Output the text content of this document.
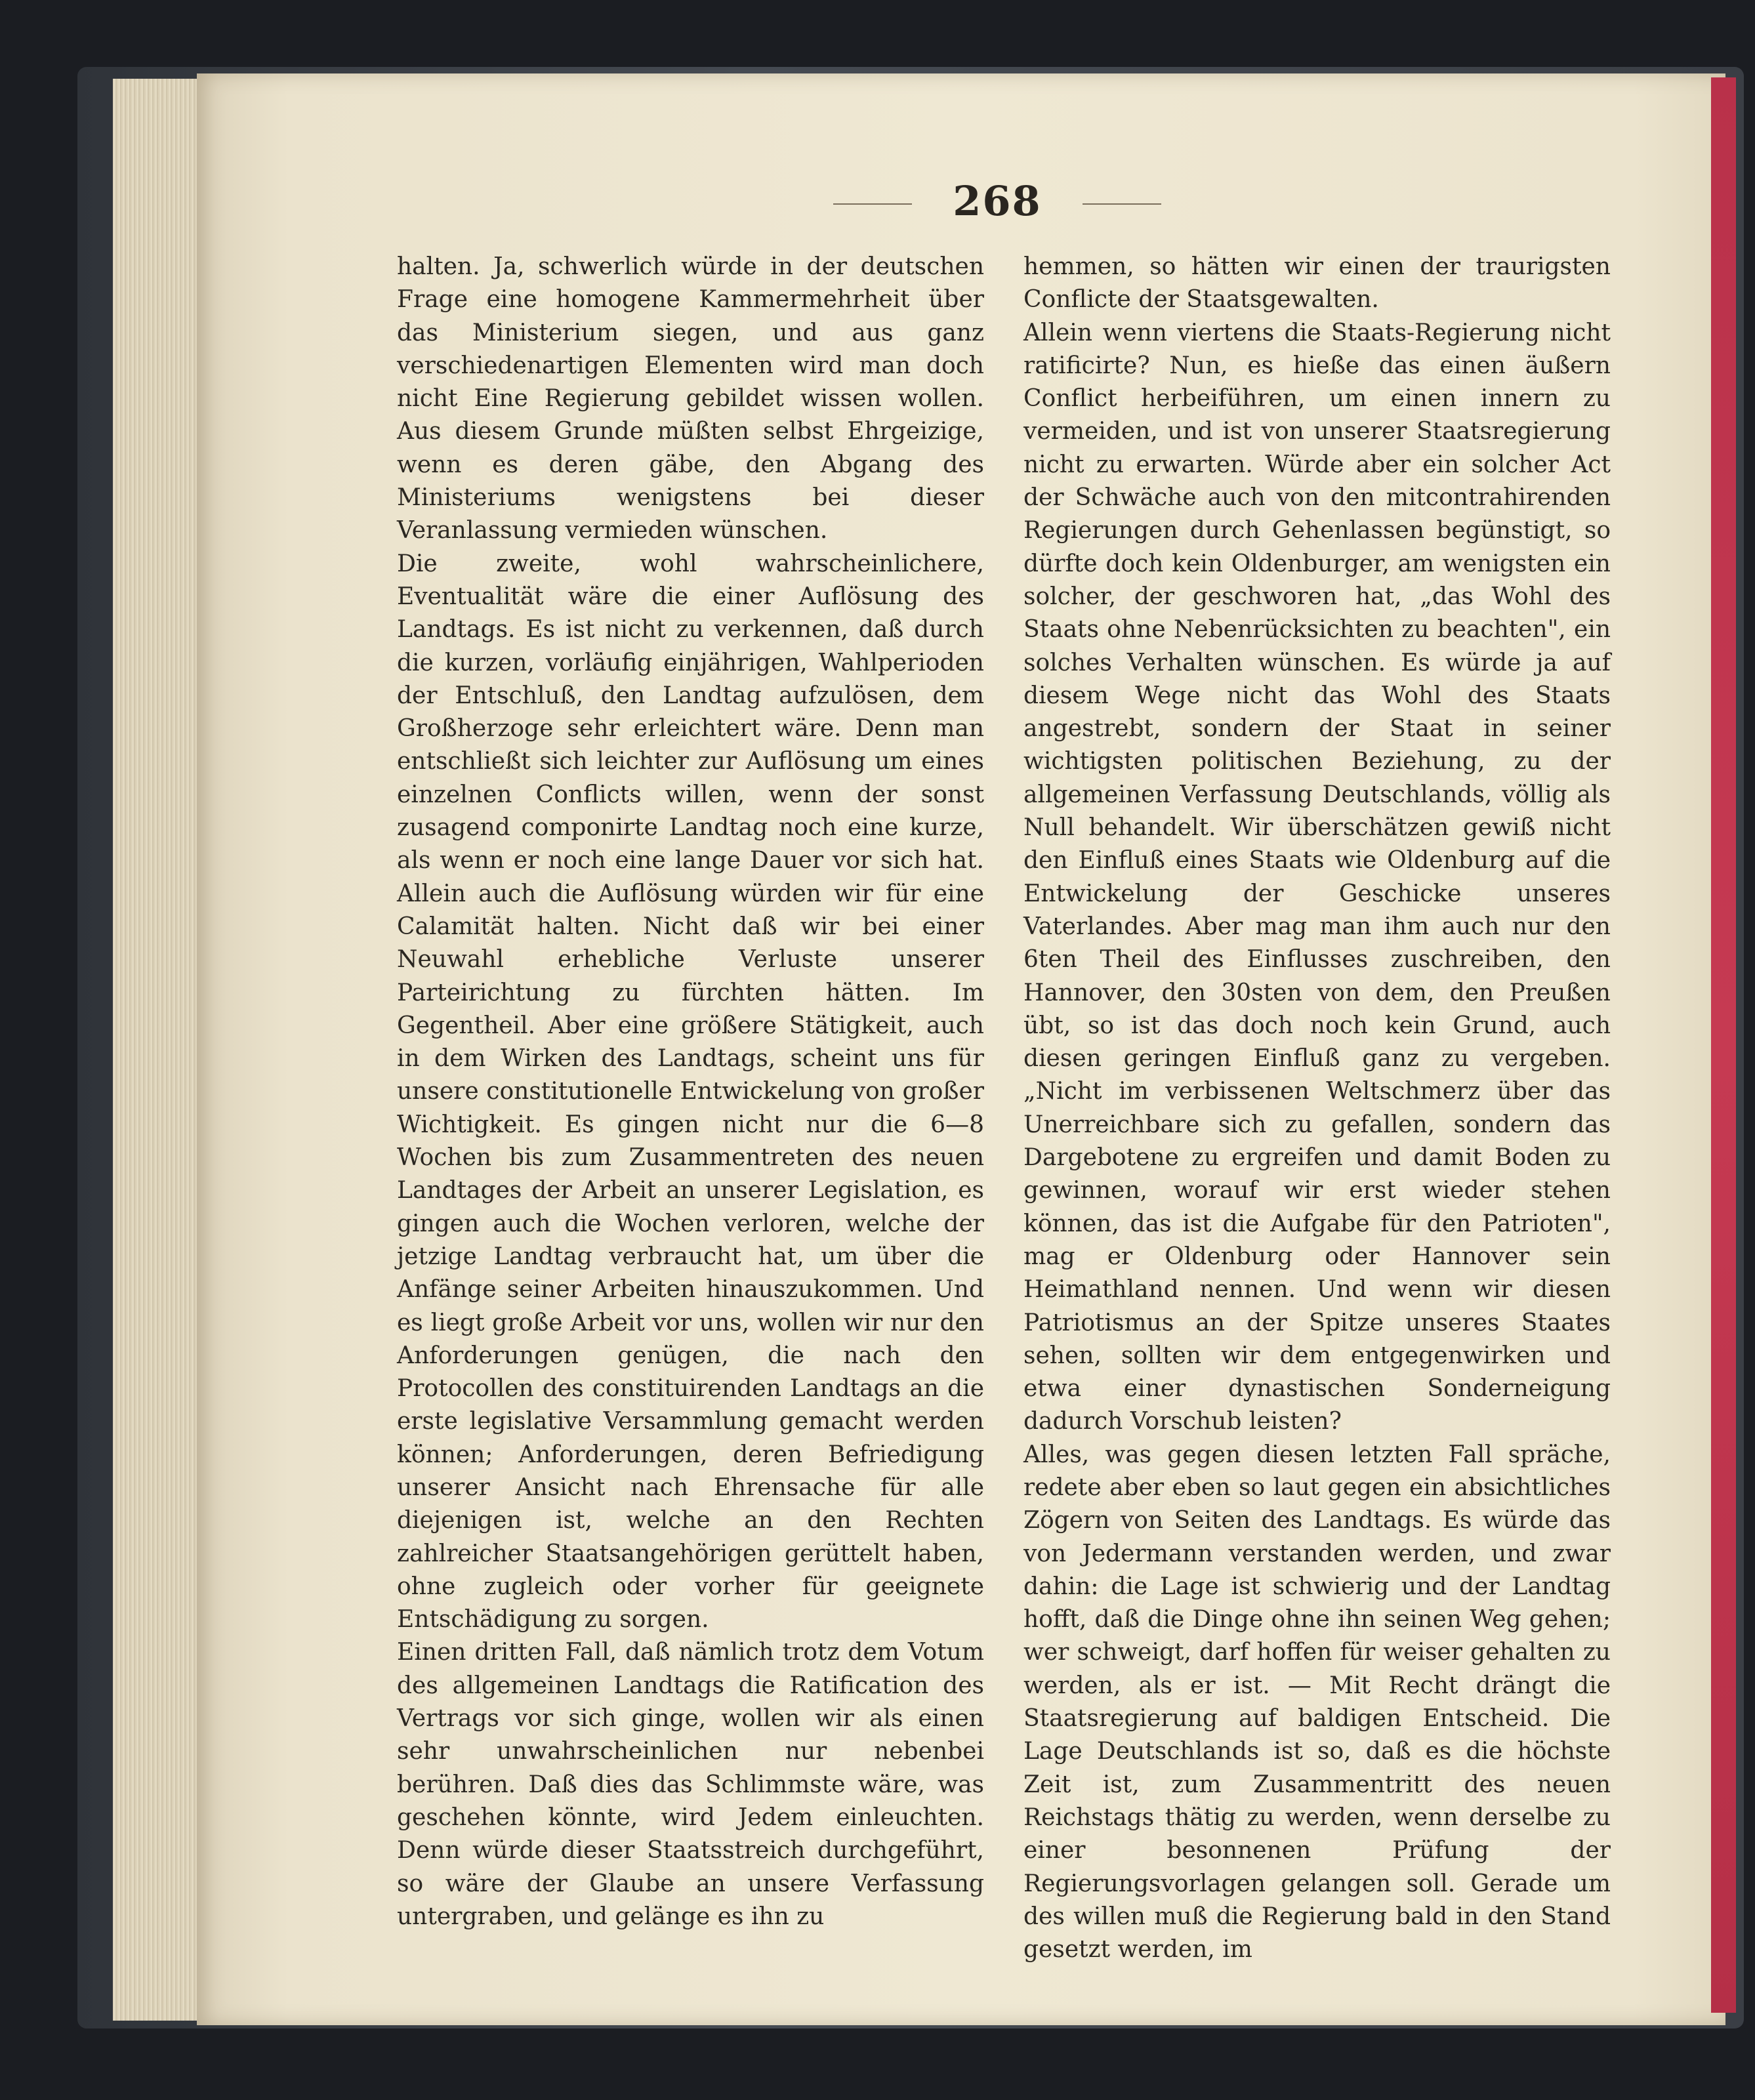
268

halten. Ja, schwerlich würde in der deutschen Frage eine homogene Kammermehrheit über das Ministerium siegen, und aus ganz verschiedenartigen Elementen wird man doch nicht Eine Regierung gebildet wissen wollen. Aus diesem Grunde müßten selbst Ehrgeizige, wenn es deren gäbe, den Abgang des Ministeriums wenigstens bei dieser Veranlassung vermieden wünschen.

Die zweite, wohl wahrscheinlichere, Eventualität wäre die einer Auflösung des Landtags. Es ist nicht zu verkennen, daß durch die kurzen, vorläufig einjährigen, Wahlperioden der Entschluß, den Landtag aufzulösen, dem Großherzoge sehr erleichtert wäre. Denn man entschließt sich leichter zur Auflösung um eines einzelnen Conflicts willen, wenn der sonst zusagend componirte Landtag noch eine kurze, als wenn er noch eine lange Dauer vor sich hat. Allein auch die Auflösung würden wir für eine Calamität halten. Nicht daß wir bei einer Neuwahl erhebliche Verluste unserer Parteirichtung zu fürchten hätten. Im Gegentheil. Aber eine größere Stätigkeit, auch in dem Wirken des Landtags, scheint uns für unsere constitutionelle Entwickelung von großer Wichtigkeit. Es gingen nicht nur die 6—8 Wochen bis zum Zusammentreten des neuen Landtages der Arbeit an unserer Legislation, es gingen auch die Wochen verloren, welche der jetzige Landtag verbraucht hat, um über die Anfänge seiner Arbeiten hinauszukommen. Und es liegt große Arbeit vor uns, wollen wir nur den Anforderungen genügen, die nach den Protocollen des constituirenden Landtags an die erste legislative Versammlung gemacht werden können; Anforderungen, deren Befriedigung unserer Ansicht nach Ehrensache für alle diejenigen ist, welche an den Rechten zahlreicher Staatsangehörigen gerüttelt haben, ohne zugleich oder vorher für geeignete Entschädigung zu sorgen.

Einen dritten Fall, daß nämlich trotz dem Votum des allgemeinen Landtags die Ratification des Vertrags vor sich ginge, wollen wir als einen sehr unwahrscheinlichen nur nebenbei berühren. Daß dies das Schlimmste wäre, was geschehen könnte, wird Jedem einleuchten. Denn würde dieser Staatsstreich durchgeführt, so wäre der Glaube an unsere Verfassung untergraben, und gelänge es ihn zu

hemmen, so hätten wir einen der traurigsten Conflicte der Staatsgewalten.

Allein wenn viertens die Staats-Regierung nicht ratificirte? Nun, es hieße das einen äußern Conflict herbeiführen, um einen innern zu vermeiden, und ist von unserer Staatsregierung nicht zu erwarten. Würde aber ein solcher Act der Schwäche auch von den mitcontrahirenden Regierungen durch Gehenlassen begünstigt, so dürfte doch kein Oldenburger, am wenigsten ein solcher, der geschworen hat, „das Wohl des Staats ohne Nebenrücksichten zu beachten", ein solches Verhalten wünschen. Es würde ja auf diesem Wege nicht das Wohl des Staats angestrebt, sondern der Staat in seiner wichtigsten politischen Beziehung, zu der allgemeinen Verfassung Deutschlands, völlig als Null behandelt. Wir überschätzen gewiß nicht den Einfluß eines Staats wie Oldenburg auf die Entwickelung der Geschicke unseres Vaterlandes. Aber mag man ihm auch nur den 6ten Theil des Einflusses zuschreiben, den Hannover, den 30sten von dem, den Preußen übt, so ist das doch noch kein Grund, auch diesen geringen Einfluß ganz zu vergeben. „Nicht im verbissenen Weltschmerz über das Unerreichbare sich zu gefallen, sondern das Dargebotene zu ergreifen und damit Boden zu gewinnen, worauf wir erst wieder stehen können, das ist die Aufgabe für den Patrioten", mag er Oldenburg oder Hannover sein Heimathland nennen. Und wenn wir diesen Patriotismus an der Spitze unseres Staates sehen, sollten wir dem entgegenwirken und etwa einer dynastischen Sonderneigung dadurch Vorschub leisten?

Alles, was gegen diesen letzten Fall spräche, redete aber eben so laut gegen ein absichtliches Zögern von Seiten des Landtags. Es würde das von Jedermann verstanden werden, und zwar dahin: die Lage ist schwierig und der Landtag hofft, daß die Dinge ohne ihn seinen Weg gehen; wer schweigt, darf hoffen für weiser gehalten zu werden, als er ist. — Mit Recht drängt die Staatsregierung auf baldigen Entscheid. Die Lage Deutschlands ist so, daß es die höchste Zeit ist, zum Zusammentritt des neuen Reichstags thätig zu werden, wenn derselbe zu einer besonnenen Prüfung der Regierungsvorlagen gelangen soll. Gerade um des willen muß die Regierung bald in den Stand gesetzt werden, im
